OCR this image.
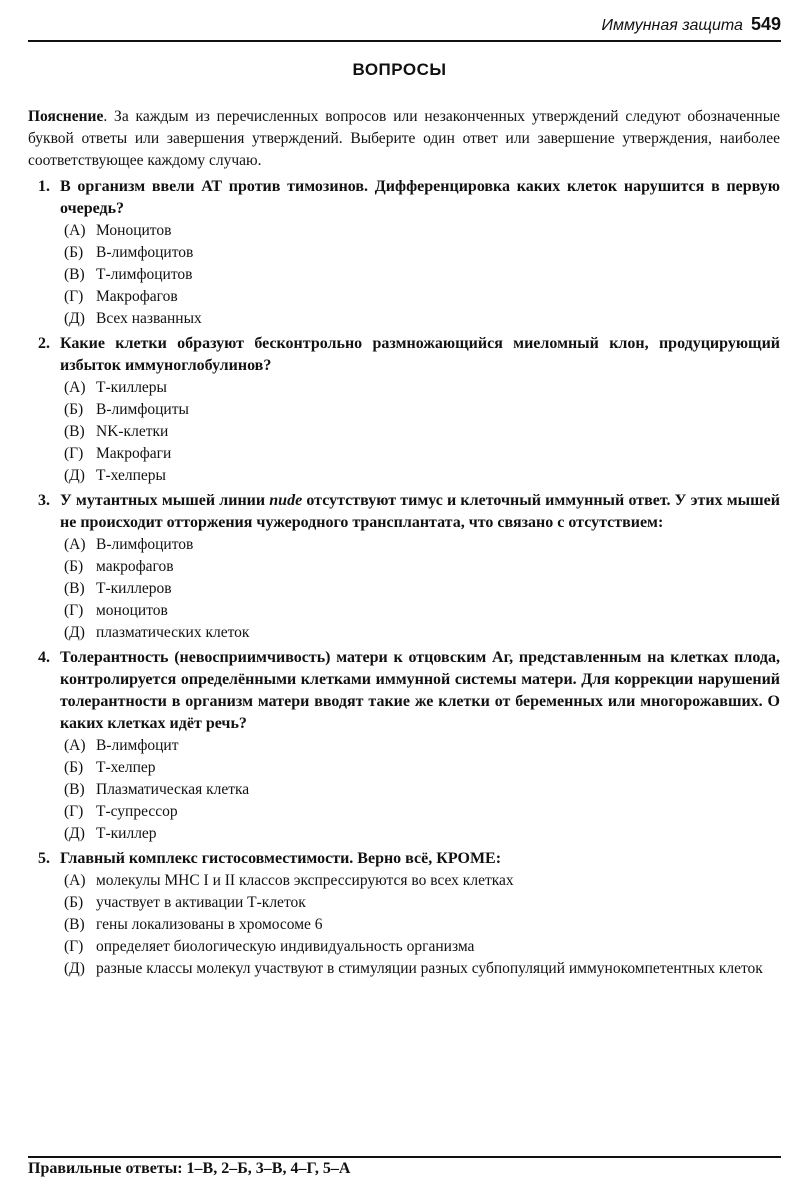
Иммунная защита 549
ВОПРОСЫ
Пояснение. За каждым из перечисленных вопросов или незаконченных утверждений следуют обозначенные буквой ответы или завершения утверждений. Выберите один ответ или завершение утверждения, наиболее соответствующее каждому случаю.
1. В организм ввели АТ против тимозинов. Дифференцировка каких клеток нарушится в первую очередь?
(А) Моноцитов
(Б) В-лимфоцитов
(В) Т-лимфоцитов
(Г) Макрофагов
(Д) Всех названных
2. Какие клетки образуют бесконтрольно размножающийся миеломный клон, продуцирующий избыток иммуноглобулинов?
(А) Т-киллеры
(Б) В-лимфоциты
(В) NK-клетки
(Г) Макрофаги
(Д) Т-хелперы
3. У мутантных мышей линии nude отсутствуют тимус и клеточный иммунный ответ. У этих мышей не происходит отторжения чужеродного трансплантата, что связано с отсутствием:
(А) В-лимфоцитов
(Б) макрофагов
(В) Т-киллеров
(Г) моноцитов
(Д) плазматических клеток
4. Толерантность (невосприимчивость) матери к отцовским Аг, представленным на клетках плода, контролируется определёнными клетками иммунной системы матери. Для коррекции нарушений толерантности в организм матери вводят такие же клетки от беременных или многорожавших. О каких клетках идёт речь?
(А) В-лимфоцит
(Б) Т-хелпер
(В) Плазматическая клетка
(Г) Т-супрессор
(Д) Т-киллер
5. Главный комплекс гистосовместимости. Верно всё, КРОМЕ:
(А) молекулы МНС I и II классов экспрессируются во всех клетках
(Б) участвует в активации Т-клеток
(В) гены локализованы в хромосоме 6
(Г) определяет биологическую индивидуальность организма
(Д) разные классы молекул участвуют в стимуляции разных субпопуляций иммунокомпетентных клеток
Правильные ответы: 1–В, 2–Б, 3–В, 4–Г, 5–А
